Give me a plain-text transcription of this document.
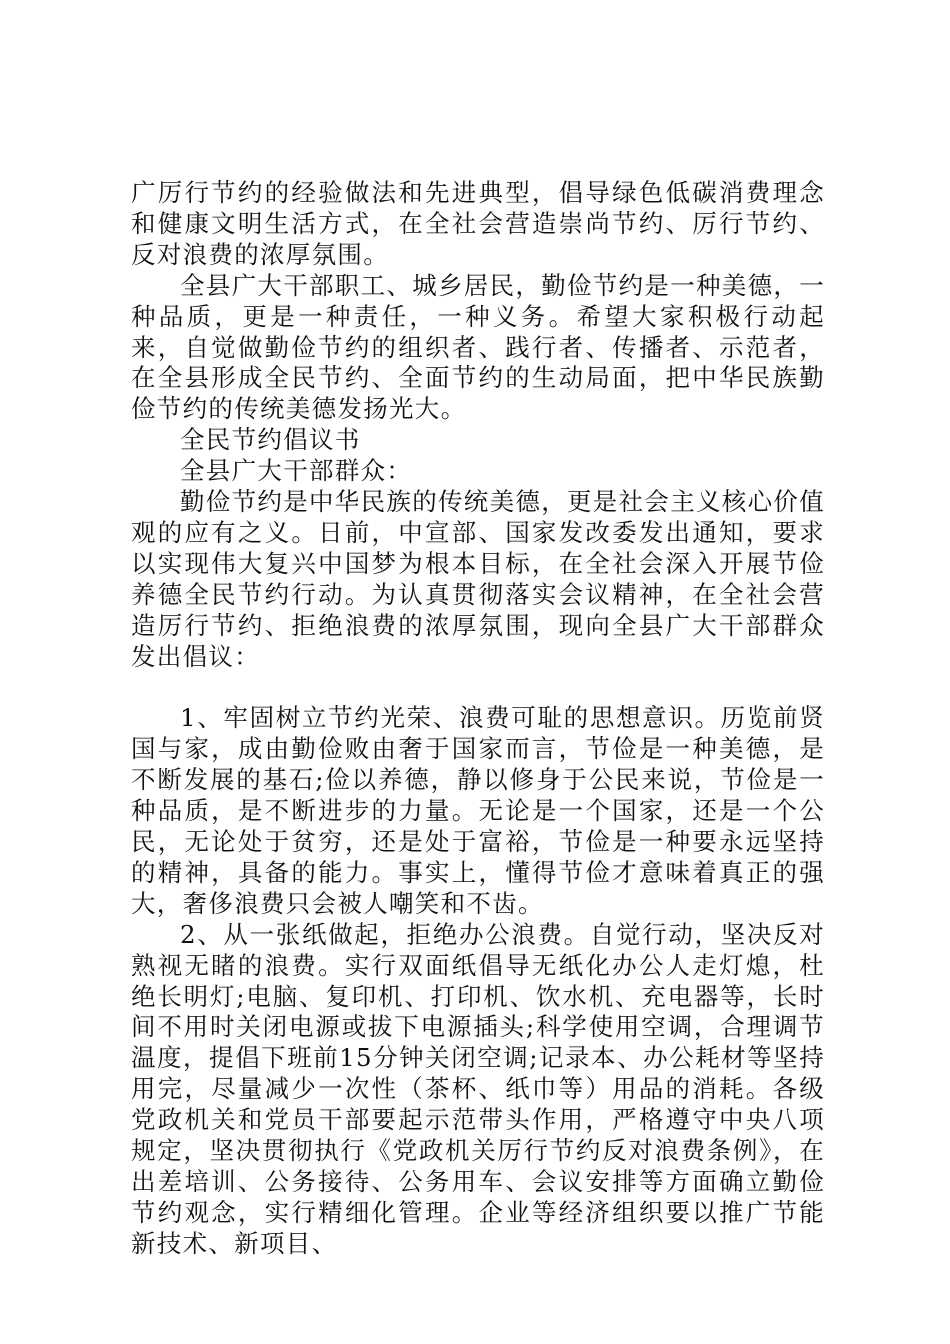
广厉行节约的经验做法和先进典型，倡导绿色低碳消费理念和健康文明生活方式，在全社会营造崇尚节约、厉行节约、反对浪费的浓厚氛围。

全县广大干部职工、城乡居民，勤俭节约是一种美德，一种品质，更是一种责任，一种义务。希望大家积极行动起来，自觉做勤俭节约的组织者、践行者、传播者、示范者，在全县形成全民节约、全面节约的生动局面，把中华民族勤俭节约的传统美德发扬光大。

全民节约倡议书

全县广大干部群众：

勤俭节约是中华民族的传统美德，更是社会主义核心价值观的应有之义。日前，中宣部、国家发改委发出通知，要求以实现伟大复兴中国梦为根本目标，在全社会深入开展节俭养德全民节约行动。为认真贯彻落实会议精神，在全社会营造厉行节约、拒绝浪费的浓厚氛围，现向全县广大干部群众发出倡议：

1、牢固树立节约光荣、浪费可耻的思想意识。历览前贤国与家，成由勤俭败由奢于国家而言，节俭是一种美德，是不断发展的基石;俭以养德，静以修身于公民来说，节俭是一种品质，是不断进步的力量。无论是一个国家，还是一个公民，无论处于贫穷，还是处于富裕，节俭是一种要永远坚持的精神，具备的能力。事实上，懂得节俭才意味着真正的强大，奢侈浪费只会被人嘲笑和不齿。

2、从一张纸做起，拒绝办公浪费。自觉行动，坚决反对熟视无睹的浪费。实行双面纸倡导无纸化办公人走灯熄，杜绝长明灯;电脑、复印机、打印机、饮水机、充电器等，长时间不用时关闭电源或拔下电源插头;科学使用空调，合理调节温度，提倡下班前15分钟关闭空调;记录本、办公耗材等坚持用完，尽量减少一次性（茶杯、纸巾等）用品的消耗。各级党政机关和党员干部要起示范带头作用，严格遵守中央八项规定，坚决贯彻执行《党政机关厉行节约反对浪费条例》，在出差培训、公务接待、公务用车、会议安排等方面确立勤俭节约观念，实行精细化管理。企业等经济组织要以推广节能新技术、新项目、
